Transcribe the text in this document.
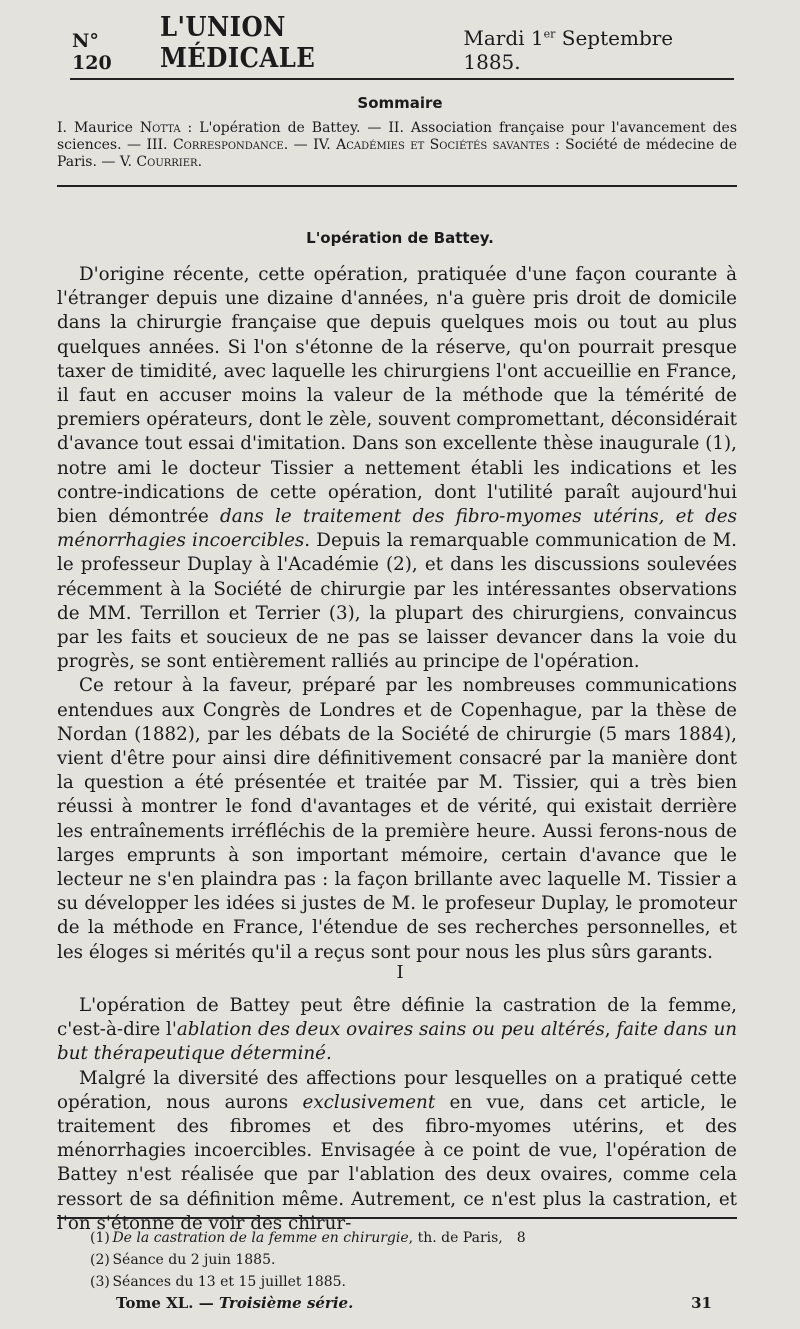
N° 120
L'UNION MÉDICALE
Mardi 1er Septembre 1885.
Sommaire
I. Maurice Notta : L'opération de Battey. — II. Association française pour l'avancement des sciences. — III. Correspondance. — IV. Académies et Sociétés savantes : Société de médecine de Paris. — V. Courrier.
L'opération de Battey.

D'origine récente, cette opération, pratiquée d'une façon courante à l'étranger depuis une dizaine d'années, n'a guère pris droit de domicile dans la chirurgie française que depuis quelques mois ou tout au plus quelques années. Si l'on s'étonne de la réserve, qu'on pourrait presque taxer de timidité, avec laquelle les chirurgiens l'ont accueillie en France, il faut en accuser moins la valeur de la méthode que la témérité de premiers opérateurs, dont le zèle, souvent compromettant, déconsidérait d'avance tout essai d'imitation. Dans son excellente thèse inaugurale (1), notre ami le docteur Tissier a nettement établi les indications et les contre-indications de cette opération, dont l'utilité paraît aujourd'hui bien démontrée dans le traitement des fibro-myomes utérins, et des ménorrhagies incoercibles. Depuis la remarquable communication de M. le professeur Duplay à l'Académie (2), et dans les discussions soulevées récemment à la Société de chirurgie par les intéressantes observations de MM. Terrillon et Terrier (3), la plupart des chirurgiens, convaincus par les faits et soucieux de ne pas se laisser devancer dans la voie du progrès, se sont entièrement ralliés au principe de l'opération.

Ce retour à la faveur, préparé par les nombreuses communications entendues aux Congrès de Londres et de Copenhague, par la thèse de Nordan (1882), par les débats de la Société de chirurgie (5 mars 1884), vient d'être pour ainsi dire définitivement consacré par la manière dont la question a été présentée et traitée par M. Tissier, qui a très bien réussi à montrer le fond d'avantages et de vérité, qui existait derrière les entraînements irréfléchis de la première heure. Aussi ferons-nous de larges emprunts à son important mémoire, certain d'avance que le lecteur ne s'en plaindra pas : la façon brillante avec laquelle M. Tissier a su développer les idées si justes de M. le profeseur Duplay, le promoteur de la méthode en France, l'étendue de ses recherches personnelles, et les éloges si mérités qu'il a reçus sont pour nous les plus sûrs garants.

I

L'opération de Battey peut être définie la castration de la femme, c'est-à-dire l'ablation des deux ovaires sains ou peu altérés, faite dans un but thérapeutique déterminé.

Malgré la diversité des affections pour lesquelles on a pratiqué cette opération, nous aurons exclusivement en vue, dans cet article, le traitement des fibromes et des fibro-myomes utérins, et des ménorrhagies incoercibles. Envisagée à ce point de vue, l'opération de Battey n'est réalisée que par l'ablation des deux ovaires, comme cela ressort de sa définition même. Autrement, ce n'est plus la castration, et l'on s'étonne de voir des chirur-

(1)
De la castration de la femme en chirurgie , th. de Paris, 8
(2)
Séance du 2 juin 1885.
(3)
Séances du 13 et 15 juillet 1885.
Tome XL. — Troisième série.	31
